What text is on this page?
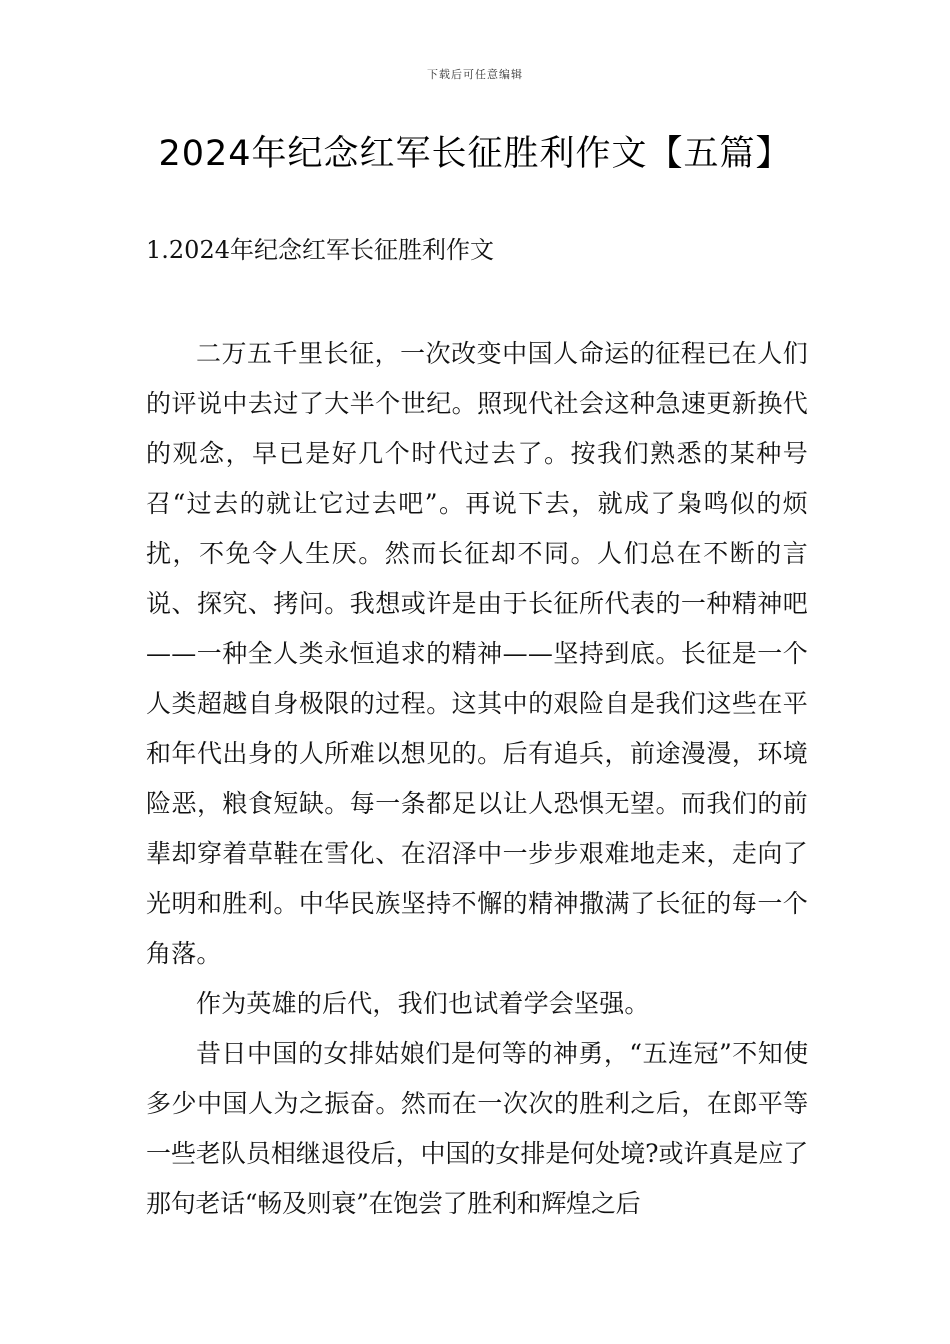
下载后可任意编辑
2024年纪念红军长征胜利作文【五篇】
1.2024年纪念红军长征胜利作文

二万五千里长征，一次改变中国人命运的征程已在人们的评说中去过了大半个世纪。照现代社会这种急速更新换代的观念，早已是好几个时代过去了。按我们熟悉的某种号召“过去的就让它过去吧”。再说下去，就成了枭鸣似的烦扰，不免令人生厌。然而长征却不同。人们总在不断的言说、探究、拷问。我想或许是由于长征所代表的一种精神吧——一种全人类永恒追求的精神——坚持到底。长征是一个人类超越自身极限的过程。这其中的艰险自是我们这些在平和年代出身的人所难以想见的。后有追兵，前途漫漫，环境险恶，粮食短缺。每一条都足以让人恐惧无望。而我们的前辈却穿着草鞋在雪化、在沼泽中一步步艰难地走来，走向了光明和胜利。中华民族坚持不懈的精神撒满了长征的每一个角落。

作为英雄的后代，我们也试着学会坚强。

昔日中国的女排姑娘们是何等的神勇，“五连冠”不知使多少中国人为之振奋。然而在一次次的胜利之后，在郎平等一些老队员相继退役后，中国的女排是何处境?或许真是应了那句老话“畅及则衰”在饱尝了胜利和辉煌之后
